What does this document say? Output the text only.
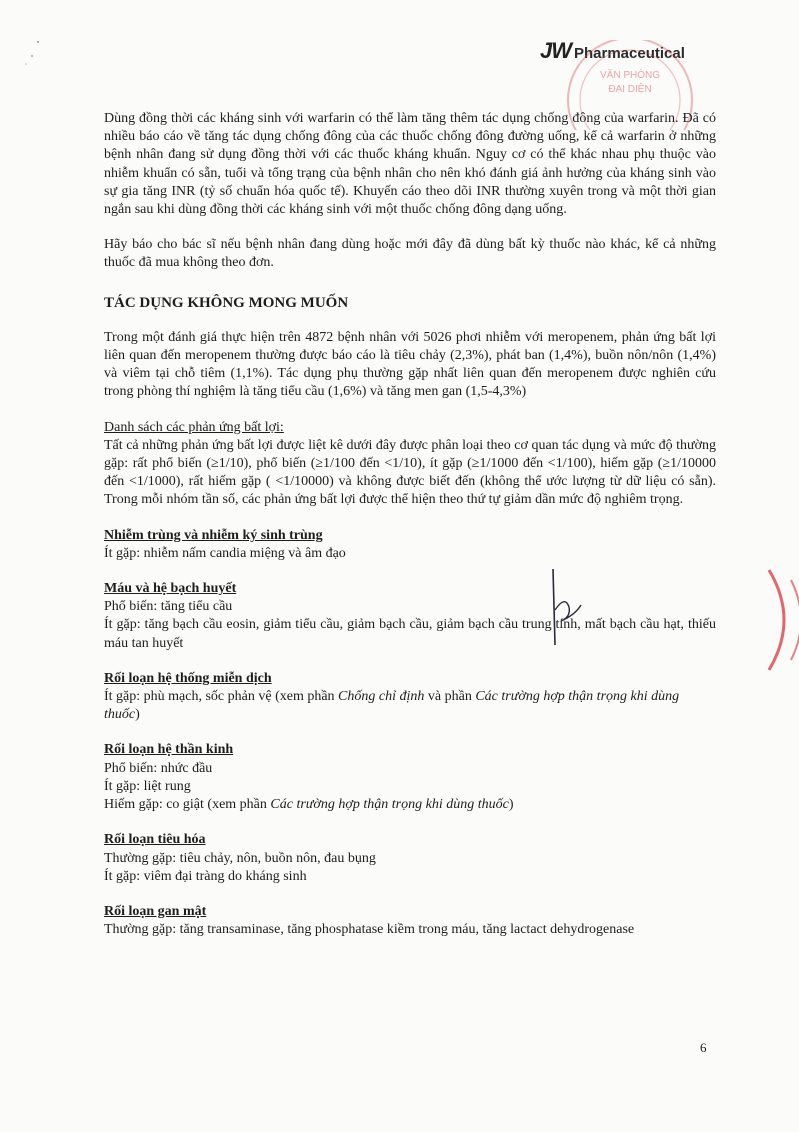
JW Pharmaceutical
VĂN PHÒNG
ĐẠI DIỆN

Dùng đồng thời các kháng sinh với warfarin có thể làm tăng thêm tác dụng chống đông của warfarin. Đã có nhiều báo cáo về tăng tác dụng chống đông của các thuốc chống đông đường uống, kể cả warfarin ở những bệnh nhân đang sử dụng đồng thời với các thuốc kháng khuẩn. Nguy cơ có thể khác nhau phụ thuộc vào nhiễm khuẩn có sẵn, tuổi và tổng trạng của bệnh nhân cho nên khó đánh giá ảnh hưởng của kháng sinh vào sự gia tăng INR (tỷ số chuẩn hóa quốc tế). Khuyến cáo theo dõi INR thường xuyên trong và một thời gian ngắn sau khi dùng đồng thời các kháng sinh với một thuốc chống đông dạng uống.

Hãy báo cho bác sĩ nếu bệnh nhân đang dùng hoặc mới đây đã dùng bất kỳ thuốc nào khác, kể cả những thuốc đã mua không theo đơn.

TÁC DỤNG KHÔNG MONG MUỐN

Trong một đánh giá thực hiện trên 4872 bệnh nhân với 5026 phơi nhiễm với meropenem, phản ứng bất lợi liên quan đến meropenem thường được báo cáo là tiêu chảy (2,3%), phát ban (1,4%), buồn nôn/nôn (1,4%) và viêm tại chỗ tiêm (1,1%). Tác dụng phụ thường gặp nhất liên quan đến meropenem được nghiên cứu trong phòng thí nghiệm là tăng tiểu cầu (1,6%) và tăng men gan (1,5-4,3%)

Danh sách các phản ứng bất lợi:

Tất cả những phản ứng bất lợi được liệt kê dưới đây được phân loại theo cơ quan tác dụng và mức độ thường gặp: rất phổ biến (≥1/10), phổ biến (≥1/100 đến <1/10), ít gặp (≥1/1000 đến <1/100), hiếm gặp (≥1/10000 đến <1/1000), rất hiếm gặp ( <1/10000) và không được biết đến (không thể ước lượng từ dữ liệu có sẵn). Trong mỗi nhóm tần số, các phản ứng bất lợi được thể hiện theo thứ tự giảm dần mức độ nghiêm trọng.

Nhiễm trùng và nhiễm ký sinh trùng

Ít gặp: nhiễm nấm candia miệng và âm đạo

Máu và hệ bạch huyết

Phổ biến: tăng tiểu cầu

Ít gặp: tăng bạch cầu eosin, giảm tiểu cầu, giảm bạch cầu, giảm bạch cầu trung tính, mất bạch cầu hạt, thiếu máu tan huyết

Rối loạn hệ thống miễn dịch

Ít gặp: phù mạch, sốc phản vệ (xem phần Chống chỉ định và phần Các trường hợp thận trọng khi dùng thuốc)

Rối loạn hệ thần kinh

Phổ biến: nhức đầu

Ít gặp: liệt rung

Hiếm gặp: co giật (xem phần Các trường hợp thận trọng khi dùng thuốc)

Rối loạn tiêu hóa

Thường gặp: tiêu chảy, nôn, buồn nôn, đau bụng

Ít gặp: viêm đại tràng do kháng sinh

Rối loạn gan mật

Thường gặp: tăng transaminase, tăng phosphatase kiềm trong máu, tăng lactact dehydrogenase

6
